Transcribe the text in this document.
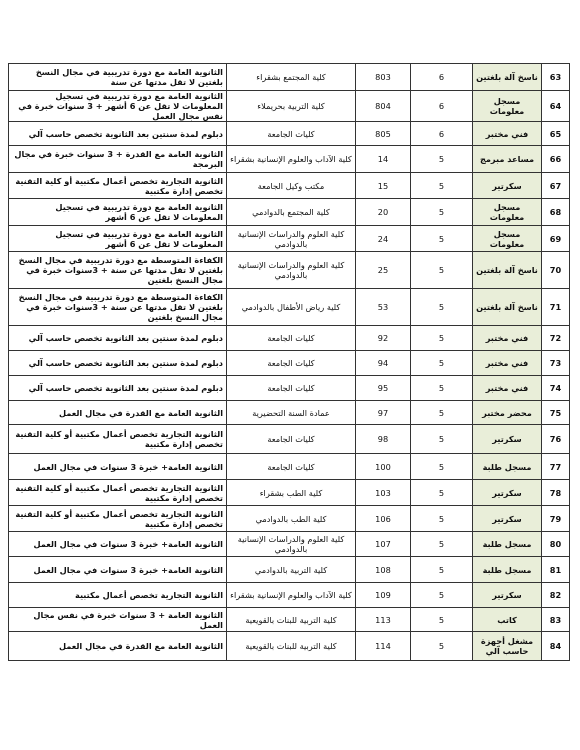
63	ناسخ آلة بلغتين	6	803	كلية المجتمع بشقراء	الثانوية العامة مع دورة تدريبية في مجال النسخ بلغتين لا تقل مدتها عن سنة
64	مسجل معلومات	6	804	كلية التربية بحريملاء	الثانوية العامة مع دورة تدريبية في تسجيل المعلومات لا تقل عن 6 أشهر + 3 سنوات خبرة في نفس مجال العمل
65	فني مختبر	6	805	كليات الجامعة	دبلوم لمدة سنتين بعد الثانوية تخصص حاسب آلي
66	مساعد مبرمج	5	14	كلية الآداب والعلوم الإنسانية بشقراء	الثانوية العامة مع القدرة + 3 سنوات خبرة في مجال البرمجة
67	سكرتير	5	15	مكتب وكيل الجامعة	الثانوية التجارية تخصص أعمال مكتبية أو كلية التقنية تخصص إدارة مكتبية
68	مسجل معلومات	5	20	كلية المجتمع بالدوادمي	الثانوية العامة مع دورة تدريبية في تسجيل المعلومات لا تقل عن 6 أشهر
69	مسجل معلومات	5	24	كلية العلوم والدراسات الإنسانية بالدوادمي	الثانوية العامة مع دورة تدريبية في تسجيل المعلومات لا تقل عن 6 أشهر
70	ناسخ آلة بلغتين	5	25	كلية العلوم والدراسات الإنسانية بالدوادمي	الكفاءة المتوسطة مع دورة تدريبية في مجال النسخ بلغتين لا تقل مدتها عن سنة + 3سنوات خبرة في مجال النسخ بلغتين
71	ناسخ آلة بلغتين	5	53	كلية رياض الأطفال بالدوادمي	الكفاءة المتوسطة مع دورة تدريبية في مجال النسخ بلغتين لا تقل مدتها عن سنة + 3سنوات خبرة في مجال النسخ بلغتين
72	فني مختبر	5	92	كليات الجامعة	دبلوم لمدة سنتين بعد الثانوية تخصص حاسب آلي
73	فني مختبر	5	94	كليات الجامعة	دبلوم لمدة سنتين بعد الثانوية تخصص حاسب آلي
74	فني مختبر	5	95	كليات الجامعة	دبلوم لمدة سنتين بعد الثانوية تخصص حاسب آلي
75	محضر مختبر	5	97	عمادة السنة التحضيرية	الثانوية العامة مع القدرة في مجال العمل
76	سكرتير	5	98	كليات الجامعة	الثانوية التجارية تخصص أعمال مكتبية أو كلية التقنية تخصص إدارة مكتبية
77	مسجل طلبة	5	100	كليات الجامعة	الثانوية العامة+ خبرة 3 سنوات في مجال العمل
78	سكرتير	5	103	كلية الطب بشقراء	الثانوية التجارية تخصص أعمال مكتبية أو كلية التقنية تخصص إدارة مكتبية
79	سكرتير	5	106	كلية الطب بالدوادمي	الثانوية التجارية تخصص أعمال مكتبية أو كلية التقنية تخصص إدارة مكتبية
80	مسجل طلبة	5	107	كلية العلوم والدراسات الإنسانية بالدوادمي	الثانوية العامة+ خبرة 3 سنوات في مجال العمل
81	مسجل طلبة	5	108	كلية التربية بالدوادمي	الثانوية العامة+ خبرة 3 سنوات في مجال العمل
82	سكرتير	5	109	كلية الآداب والعلوم الإنسانية بشقراء	الثانوية التجارية تخصص أعمال مكتبية
83	كاتب	5	113	كلية التربية للبنات بالقويعية	الثانوية العامة + 3 سنوات خبرة في نفس مجال العمل
84	مشغل أجهزة حاسب آلي	5	114	كلية التربية للبنات بالقويعية	الثانوية العامة مع القدرة في مجال العمل
